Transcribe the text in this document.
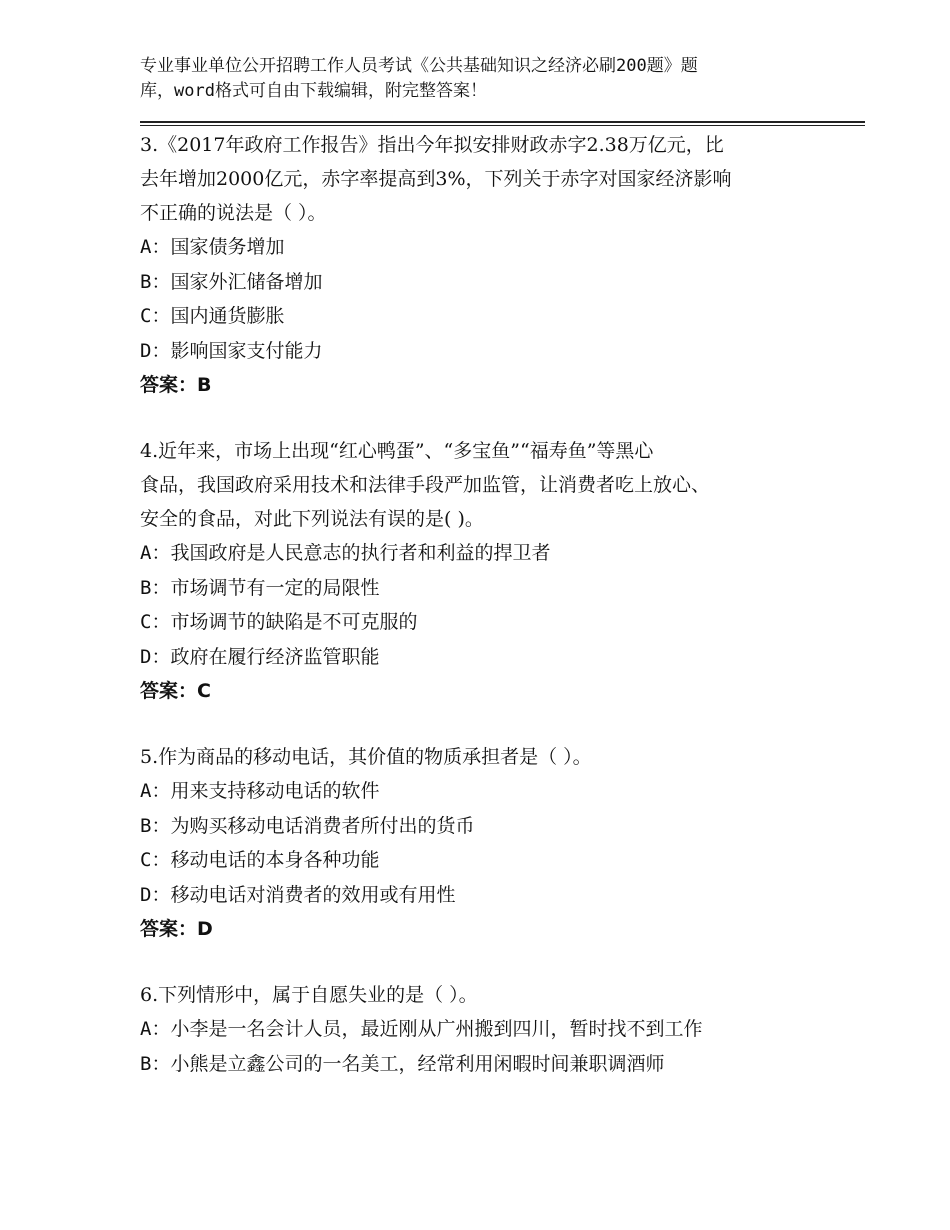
专业事业单位公开招聘工作人员考试《公共基础知识之经济必刷200题》题
库，word格式可自由下载编辑，附完整答案！
3.《2017年政府工作报告》指出今年拟安排财政赤字2.38万亿元，比
去年增加2000亿元，赤字率提高到3%，下列关于赤字对国家经济影响
不正确的说法是（ ）。
A：国家债务增加
B：国家外汇储备增加
C：国内通货膨胀
D：影响国家支付能力
答案：B
4.近年来，市场上出现“红心鸭蛋”、“多宝鱼”“福寿鱼”等黑心
食品，我国政府采用技术和法律手段严加监管，让消费者吃上放心、
安全的食品，对此下列说法有误的是( )。
A：我国政府是人民意志的执行者和利益的捍卫者
B：市场调节有一定的局限性
C：市场调节的缺陷是不可克服的
D：政府在履行经济监管职能
答案：C
5.作为商品的移动电话，其价值的物质承担者是（ ）。
A：用来支持移动电话的软件
B：为购买移动电话消费者所付出的货币
C：移动电话的本身各种功能
D：移动电话对消费者的效用或有用性
答案：D
6.下列情形中，属于自愿失业的是（ ）。
A：小李是一名会计人员，最近刚从广州搬到四川，暂时找不到工作
B：小熊是立鑫公司的一名美工，经常利用闲暇时间兼职调酒师
